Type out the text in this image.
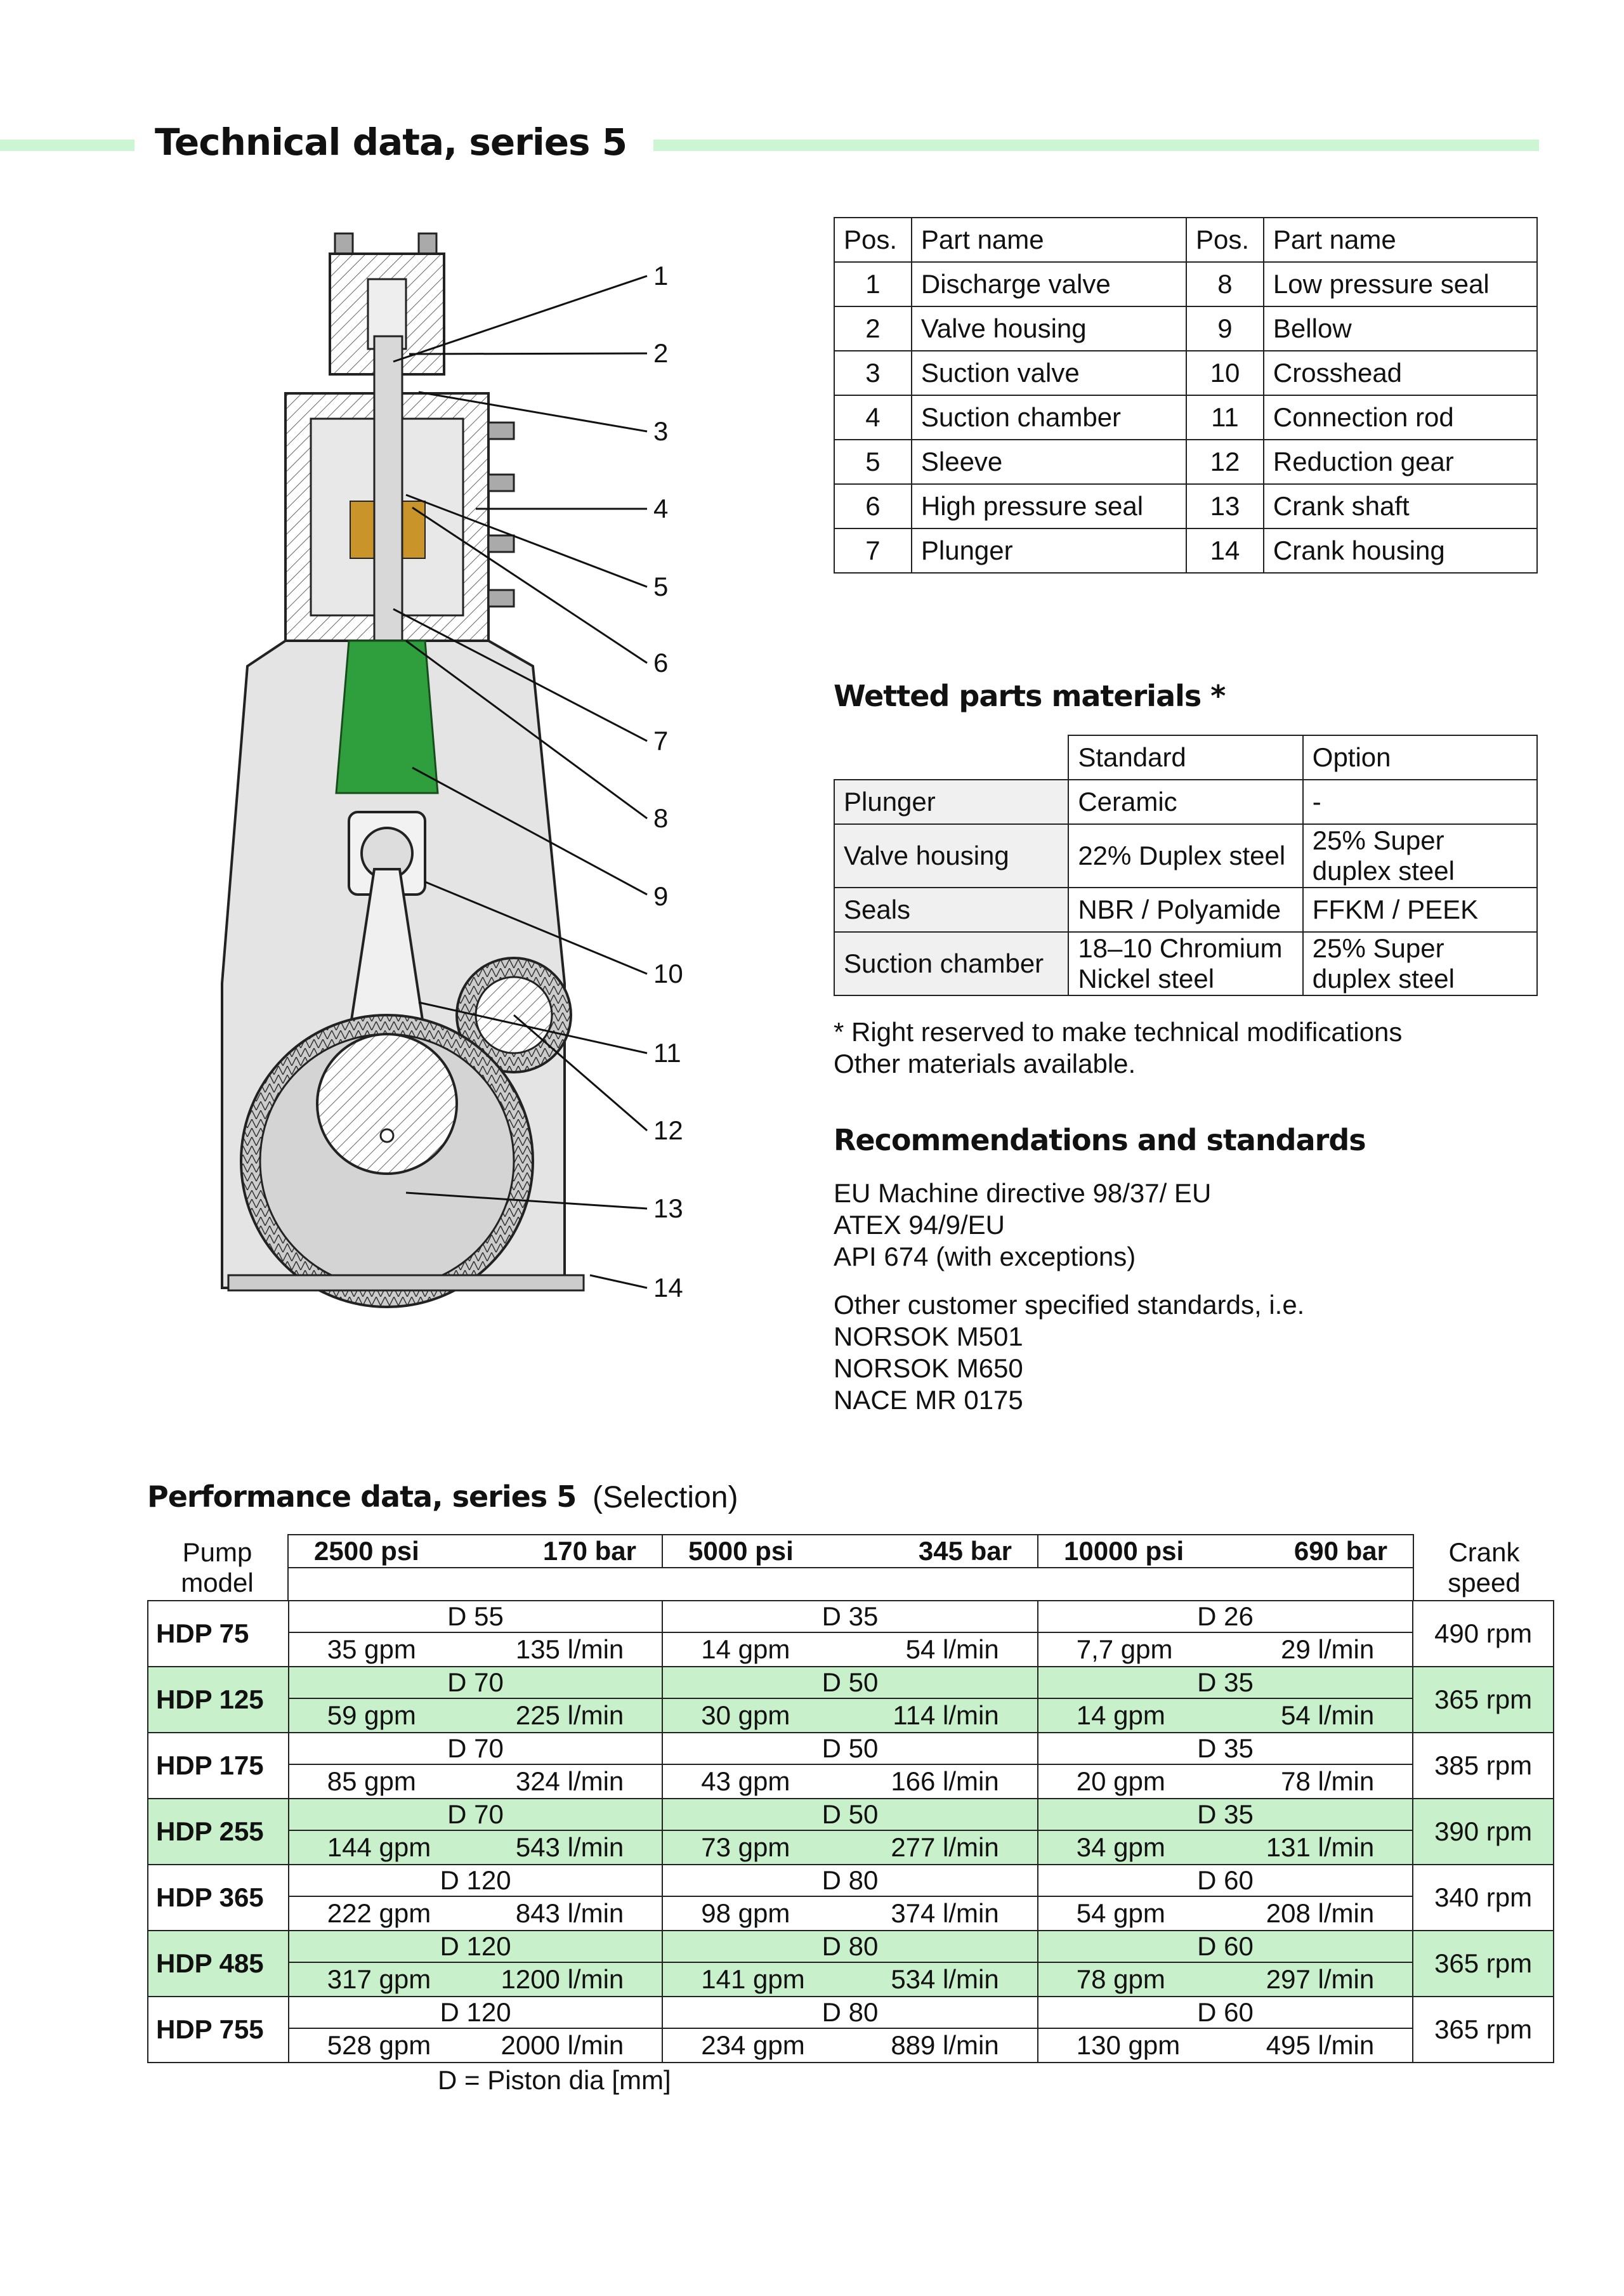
Technical data, series 5
1
2
3
4
5
6
7
8
9
10
11
12
13
14
Pos.	Part name	Pos.	Part name
1	Discharge valve	8	Low pressure seal
2	Valve housing	9	Bellow
3	Suction valve	10	Crosshead
4	Suction chamber	11	Connection rod
5	Sleeve	12	Reduction gear
6	High pressure seal	13	Crank shaft
7	Plunger	14	Crank housing
Wetted parts materials *
	Standard	Option
Plunger	Ceramic	-
Valve housing	22% Duplex steel	25% Super duplex steel
Seals	NBR / Polyamide	FFKM / PEEK
Suction chamber	18–10 Chromium Nickel steel	25% Super duplex steel
* Right reserved to make technical modifications
Other materials available.
Recommendations and standards
EU Machine directive 98/37/ EU
ATEX 94/9/EU
API 674 (with exceptions)
Other customer specified standards, i.e.
NORSOK M501
NORSOK M650
NACE MR 0175
Performance data, series 5 (Selection)
Pump model	
2500 psi	170 bar	5000 psi	345 bar	10000 psi	690 bar	Crank speed

HDP 75	D 55	D 35	D 26	490 rpm

	35 gpm 135 l/min	14 gpm 54 l/min	7,7 gpm 29 l/min	

HDP 125	D 70	D 50	D 35	365 rpm

	59 gpm 225 l/min	30 gpm 114 l/min	14 gpm 54 l/min	

HDP 175	D 70	D 50	D 35	385 rpm

	85 gpm 324 l/min	43 gpm 166 l/min	20 gpm 78 l/min	

HDP 255	D 70	D 50	D 35	390 rpm

	144 gpm 543 l/min	73 gpm 277 l/min	34 gpm 131 l/min	

HDP 365	D 120	D 80	D 60	340 rpm

	222 gpm 843 l/min	98 gpm 374 l/min	54 gpm 208 l/min	

HDP 485	D 120	D 80	D 60	365 rpm

	317 gpm 1200 l/min	141 gpm 534 l/min	78 gpm 297 l/min	

HDP 755	D 120	D 80	D 60	365 rpm

	528 gpm 2000 l/min	234 gpm 889 l/min	130 gpm 495 l/min	
D = Piston dia [mm]
